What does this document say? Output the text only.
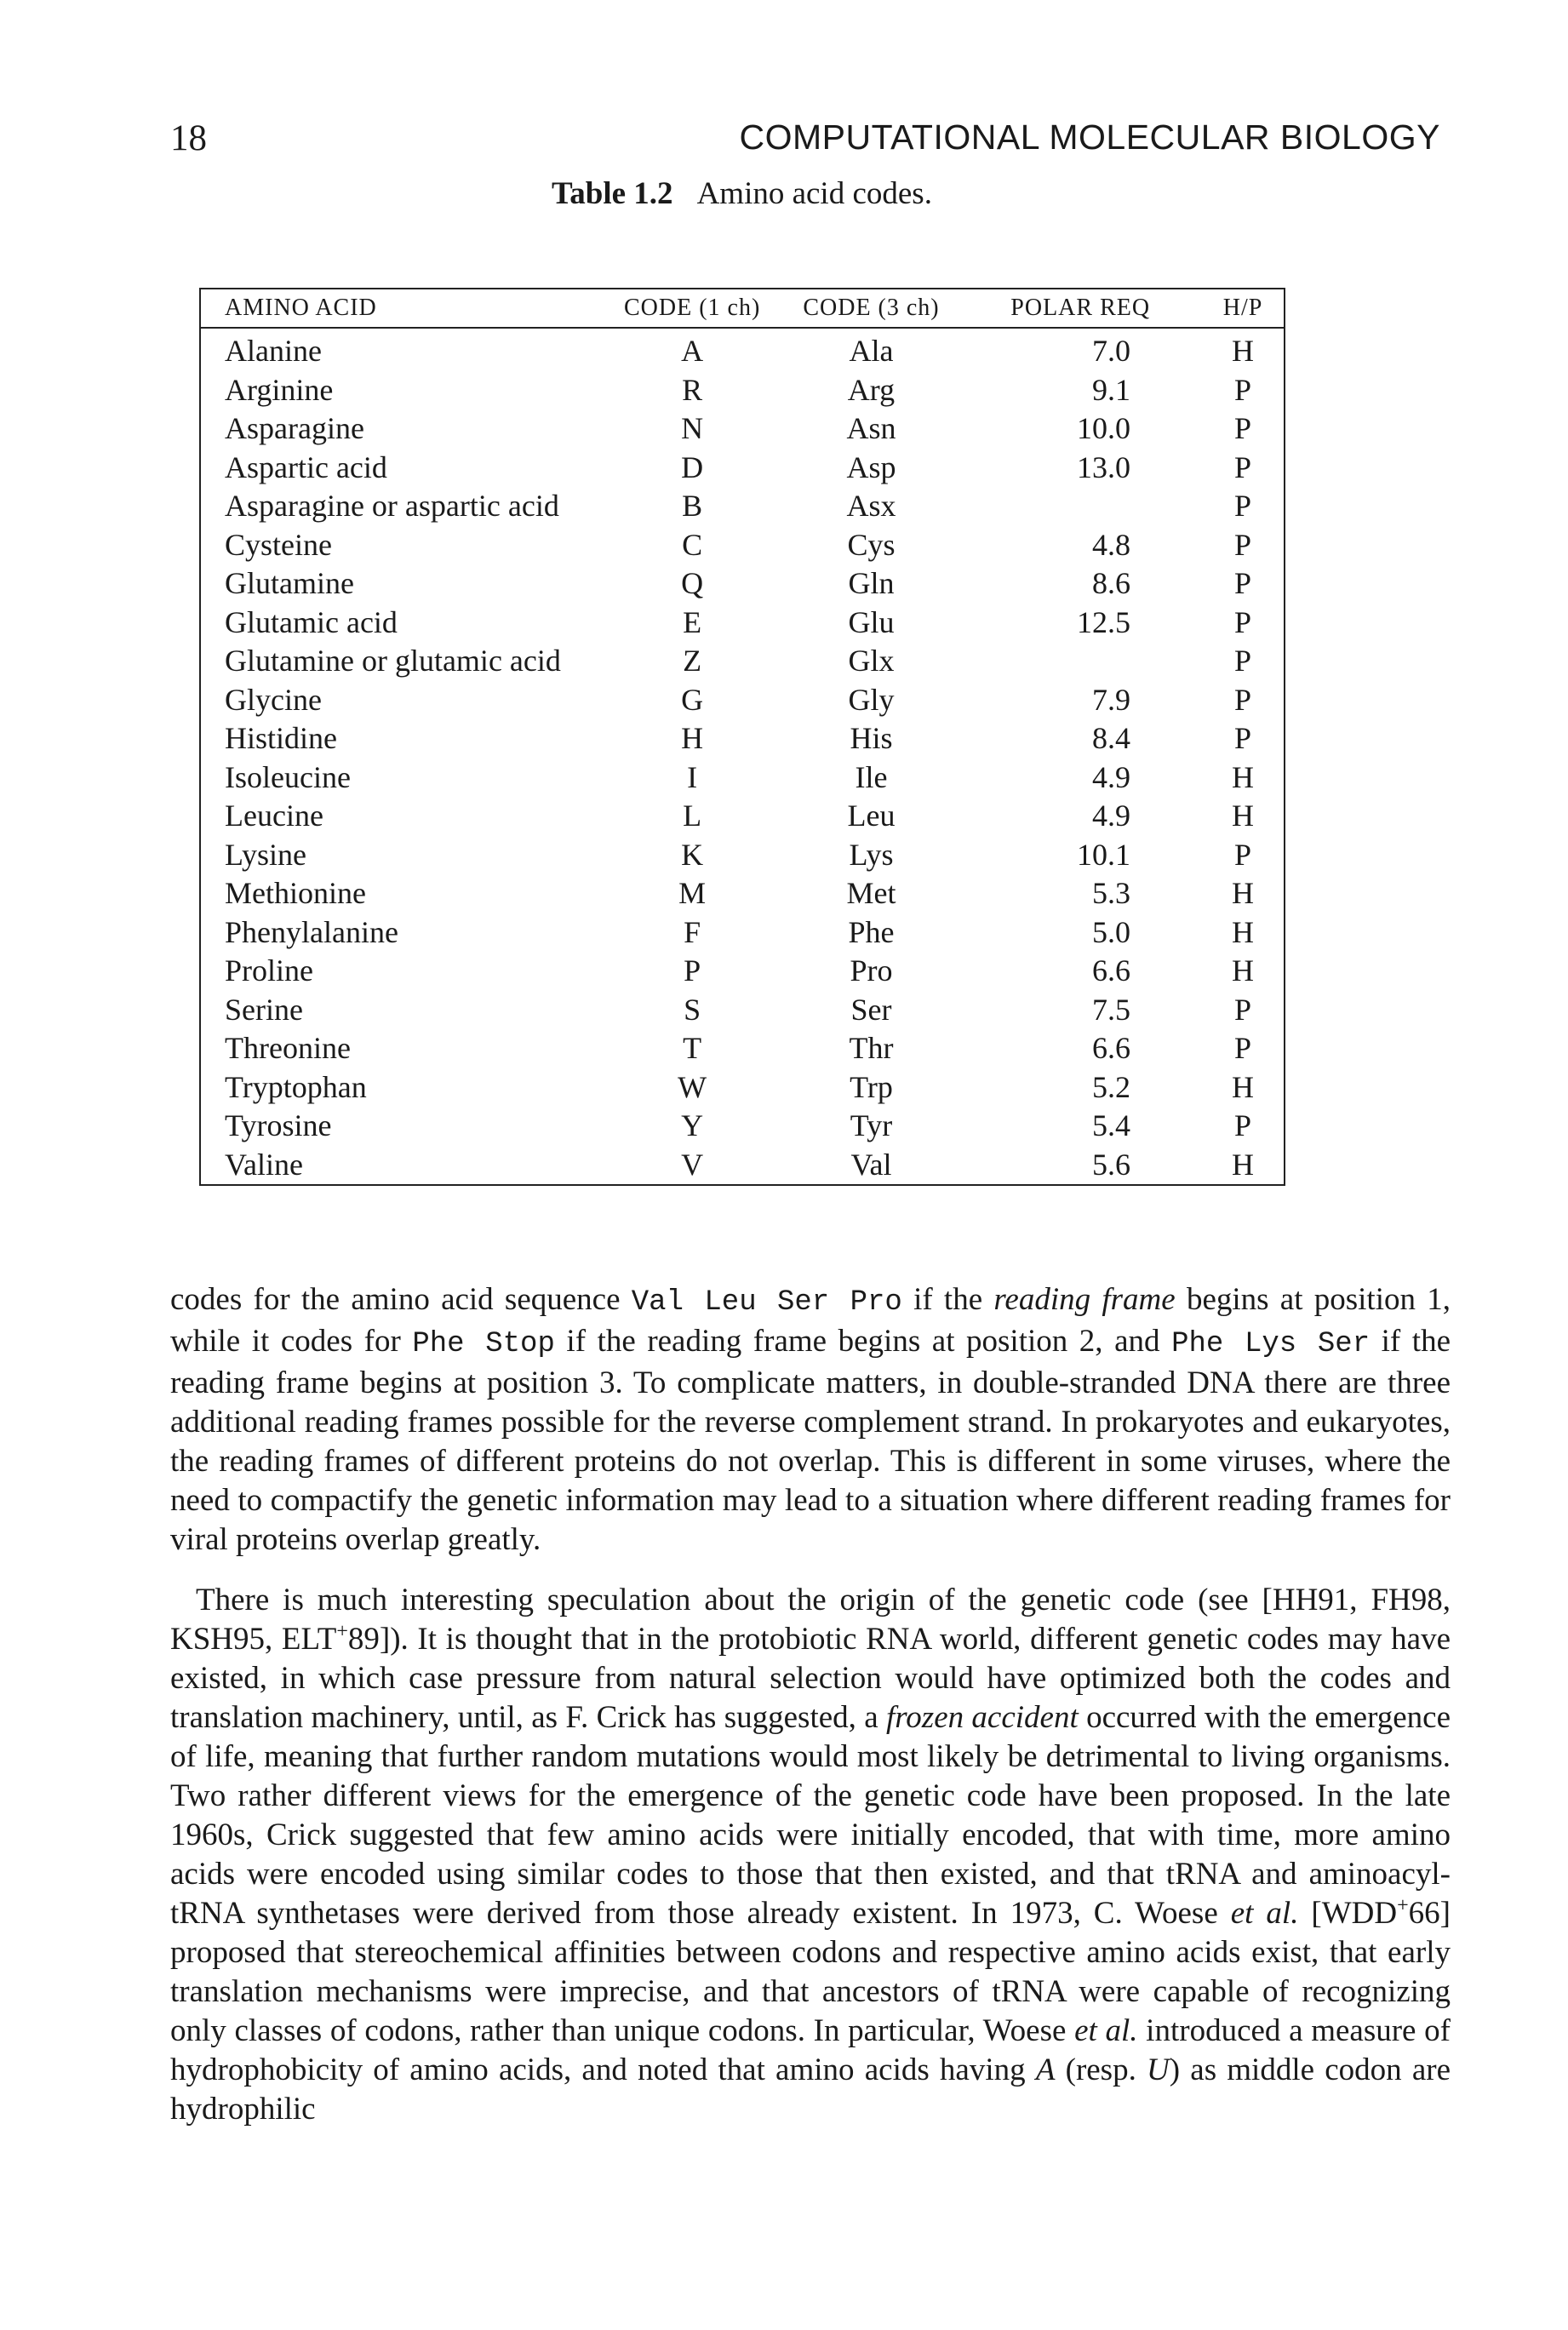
18	COMPUTATIONAL MOLECULAR BIOLOGY
Table 1.2 Amino acid codes.
AMINO ACID	CODE (1 ch)	CODE (3 ch)	POLAR REQ	H/P
Alanine	A	Ala	7.0	H
Arginine	R	Arg	9.1	P
Asparagine	N	Asn	10.0	P
Aspartic acid	D	Asp	13.0	P
Asparagine or aspartic acid	B	Asx		P
Cysteine	C	Cys	4.8	P
Glutamine	Q	Gln	8.6	P
Glutamic acid	E	Glu	12.5	P
Glutamine or glutamic acid	Z	Glx		P
Glycine	G	Gly	7.9	P
Histidine	H	His	8.4	P
Isoleucine	I	Ile	4.9	H
Leucine	L	Leu	4.9	H
Lysine	K	Lys	10.1	P
Methionine	M	Met	5.3	H
Phenylalanine	F	Phe	5.0	H
Proline	P	Pro	6.6	H
Serine	S	Ser	7.5	P
Threonine	T	Thr	6.6	P
Tryptophan	W	Trp	5.2	H
Tyrosine	Y	Tyr	5.4	P
Valine	V	Val	5.6	H

codes for the amino acid sequence Val Leu Ser Pro if the reading frame begins at position 1, while it codes for Phe Stop if the reading frame begins at position 2, and Phe Lys Ser if the reading frame begins at position 3. To complicate matters, in double-stranded DNA there are three additional reading frames possible for the reverse complement strand. In prokaryotes and eukaryotes, the reading frames of different proteins do not overlap. This is different in some viruses, where the need to compactify the genetic information may lead to a situation where different reading frames for viral proteins overlap greatly.

There is much interesting speculation about the origin of the genetic code (see [HH91, FH98, KSH95, ELT+89]). It is thought that in the protobiotic RNA world, different genetic codes may have existed, in which case pressure from natural selection would have optimized both the codes and translation machinery, until, as F. Crick has suggested, a frozen accident occurred with the emergence of life, meaning that further random mutations would most likely be detrimental to living organisms. Two rather different views for the emergence of the genetic code have been proposed. In the late 1960s, Crick suggested that few amino acids were initially encoded, that with time, more amino acids were encoded using similar codes to those that then existed, and that tRNA and aminoacyl-tRNA synthetases were derived from those already existent. In 1973, C. Woese et al. [WDD+66] proposed that stereochemical affinities between codons and respective amino acids exist, that early translation mechanisms were imprecise, and that ancestors of tRNA were capable of recognizing only classes of codons, rather than unique codons. In particular, Woese et al. introduced a measure of hydrophobicity of amino acids, and noted that amino acids having A (resp. U) as middle codon are hydrophilic
